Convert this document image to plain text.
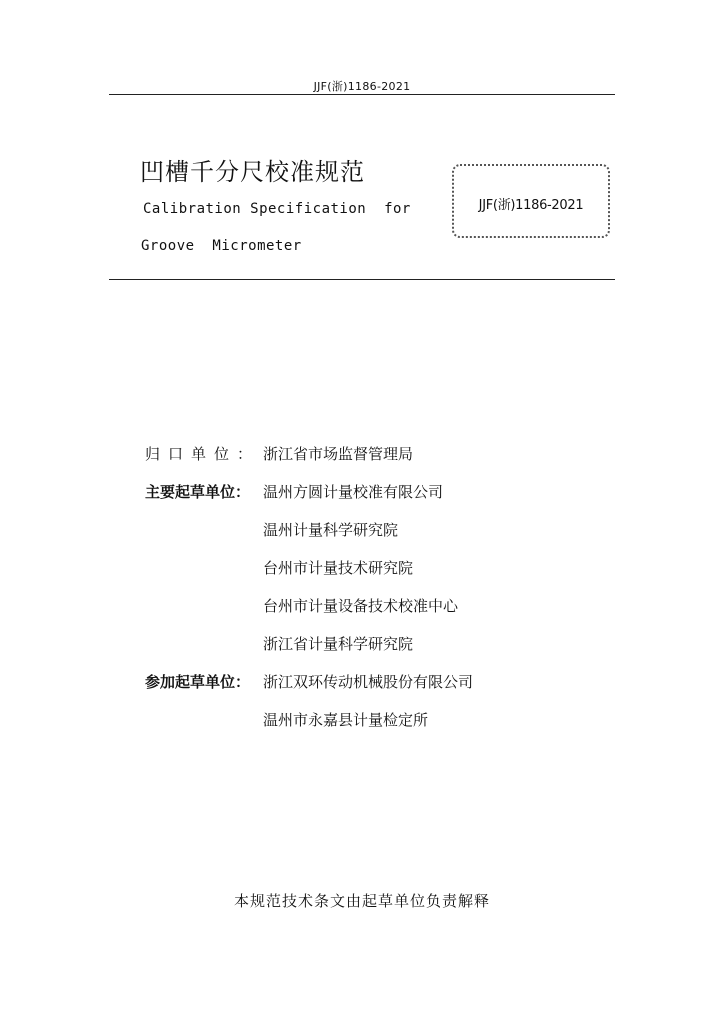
JJF(浙)1186-2021
凹槽千分尺校准规范
Calibration Specification  for
Groove  Micrometer
JJF(浙)1186-2021
归口单位： 浙江省市场监督管理局
主要起草单位： 温州方圆计量校准有限公司
温州计量科学研究院
台州市计量技术研究院
台州市计量设备技术校准中心
浙江省计量科学研究院
参加起草单位： 浙江双环传动机械股份有限公司
温州市永嘉县计量检定所
本规范技术条文由起草单位负责解释
